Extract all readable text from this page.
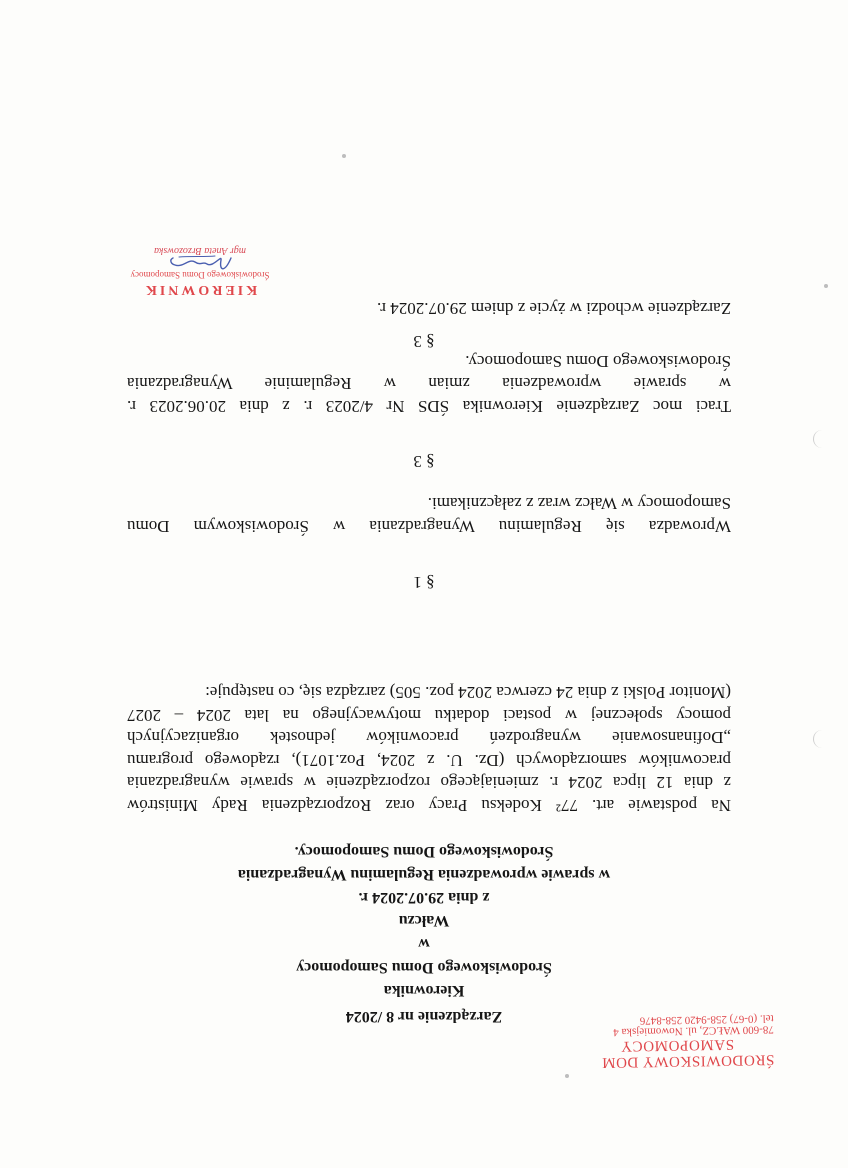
ŚRODOWISKOWY DOM
SAMOPOMOCY
78-600 WAŁCZ, ul. Nowomiejska 4
tel. (0-67) 258-9420 258-8476
Zarządzenie nr 8 /2024
Kierownika
Środowiskowego Domu Samopomocy
w
Wałczu
z dnia 29.07.2024 r.
w sprawie wprowadzenia Regulaminu Wynagradzania
Środowiskowego Domu Samopomocy.
Na podstawie art. 77² Kodeksu Pracy oraz Rozporządzenia Rady Ministrów
z dnia 12 lipca 2024 r. zmieniającego rozporządzenie w sprawie wynagradzania
pracowników samorządowych (Dz. U. z 2024, Poz.1071), rządowego programu
„Dofinansowanie wynagrodzeń pracowników jednostek organizacyjnych
pomocy społecznej w postaci dodatku motywacyjnego na lata 2024 – 2027
(Monitor Polski z dnia 24 czerwca 2024 poz. 505) zarządza się, co następuje:
§ 1
Wprowadza się Regulaminu Wynagradzania w Środowiskowym Domu
Samopomocy w Wałcz wraz z załącznikami.
§ 3
Traci moc Zarządzenie Kierownika ŚDS Nr 4/2023 r. z dnia 20.06.2023 r.
w sprawie wprowadzenia zmian w Regulaminie Wynagradzania
Środowiskowego Domu Samopomocy.
§ 3
Zarządzenie wchodzi w życie z dniem 29.07.2024 r.
KIEROWNIK
Środowiskowego Domu Samopomocy
mgr Aneta Brzozowska
